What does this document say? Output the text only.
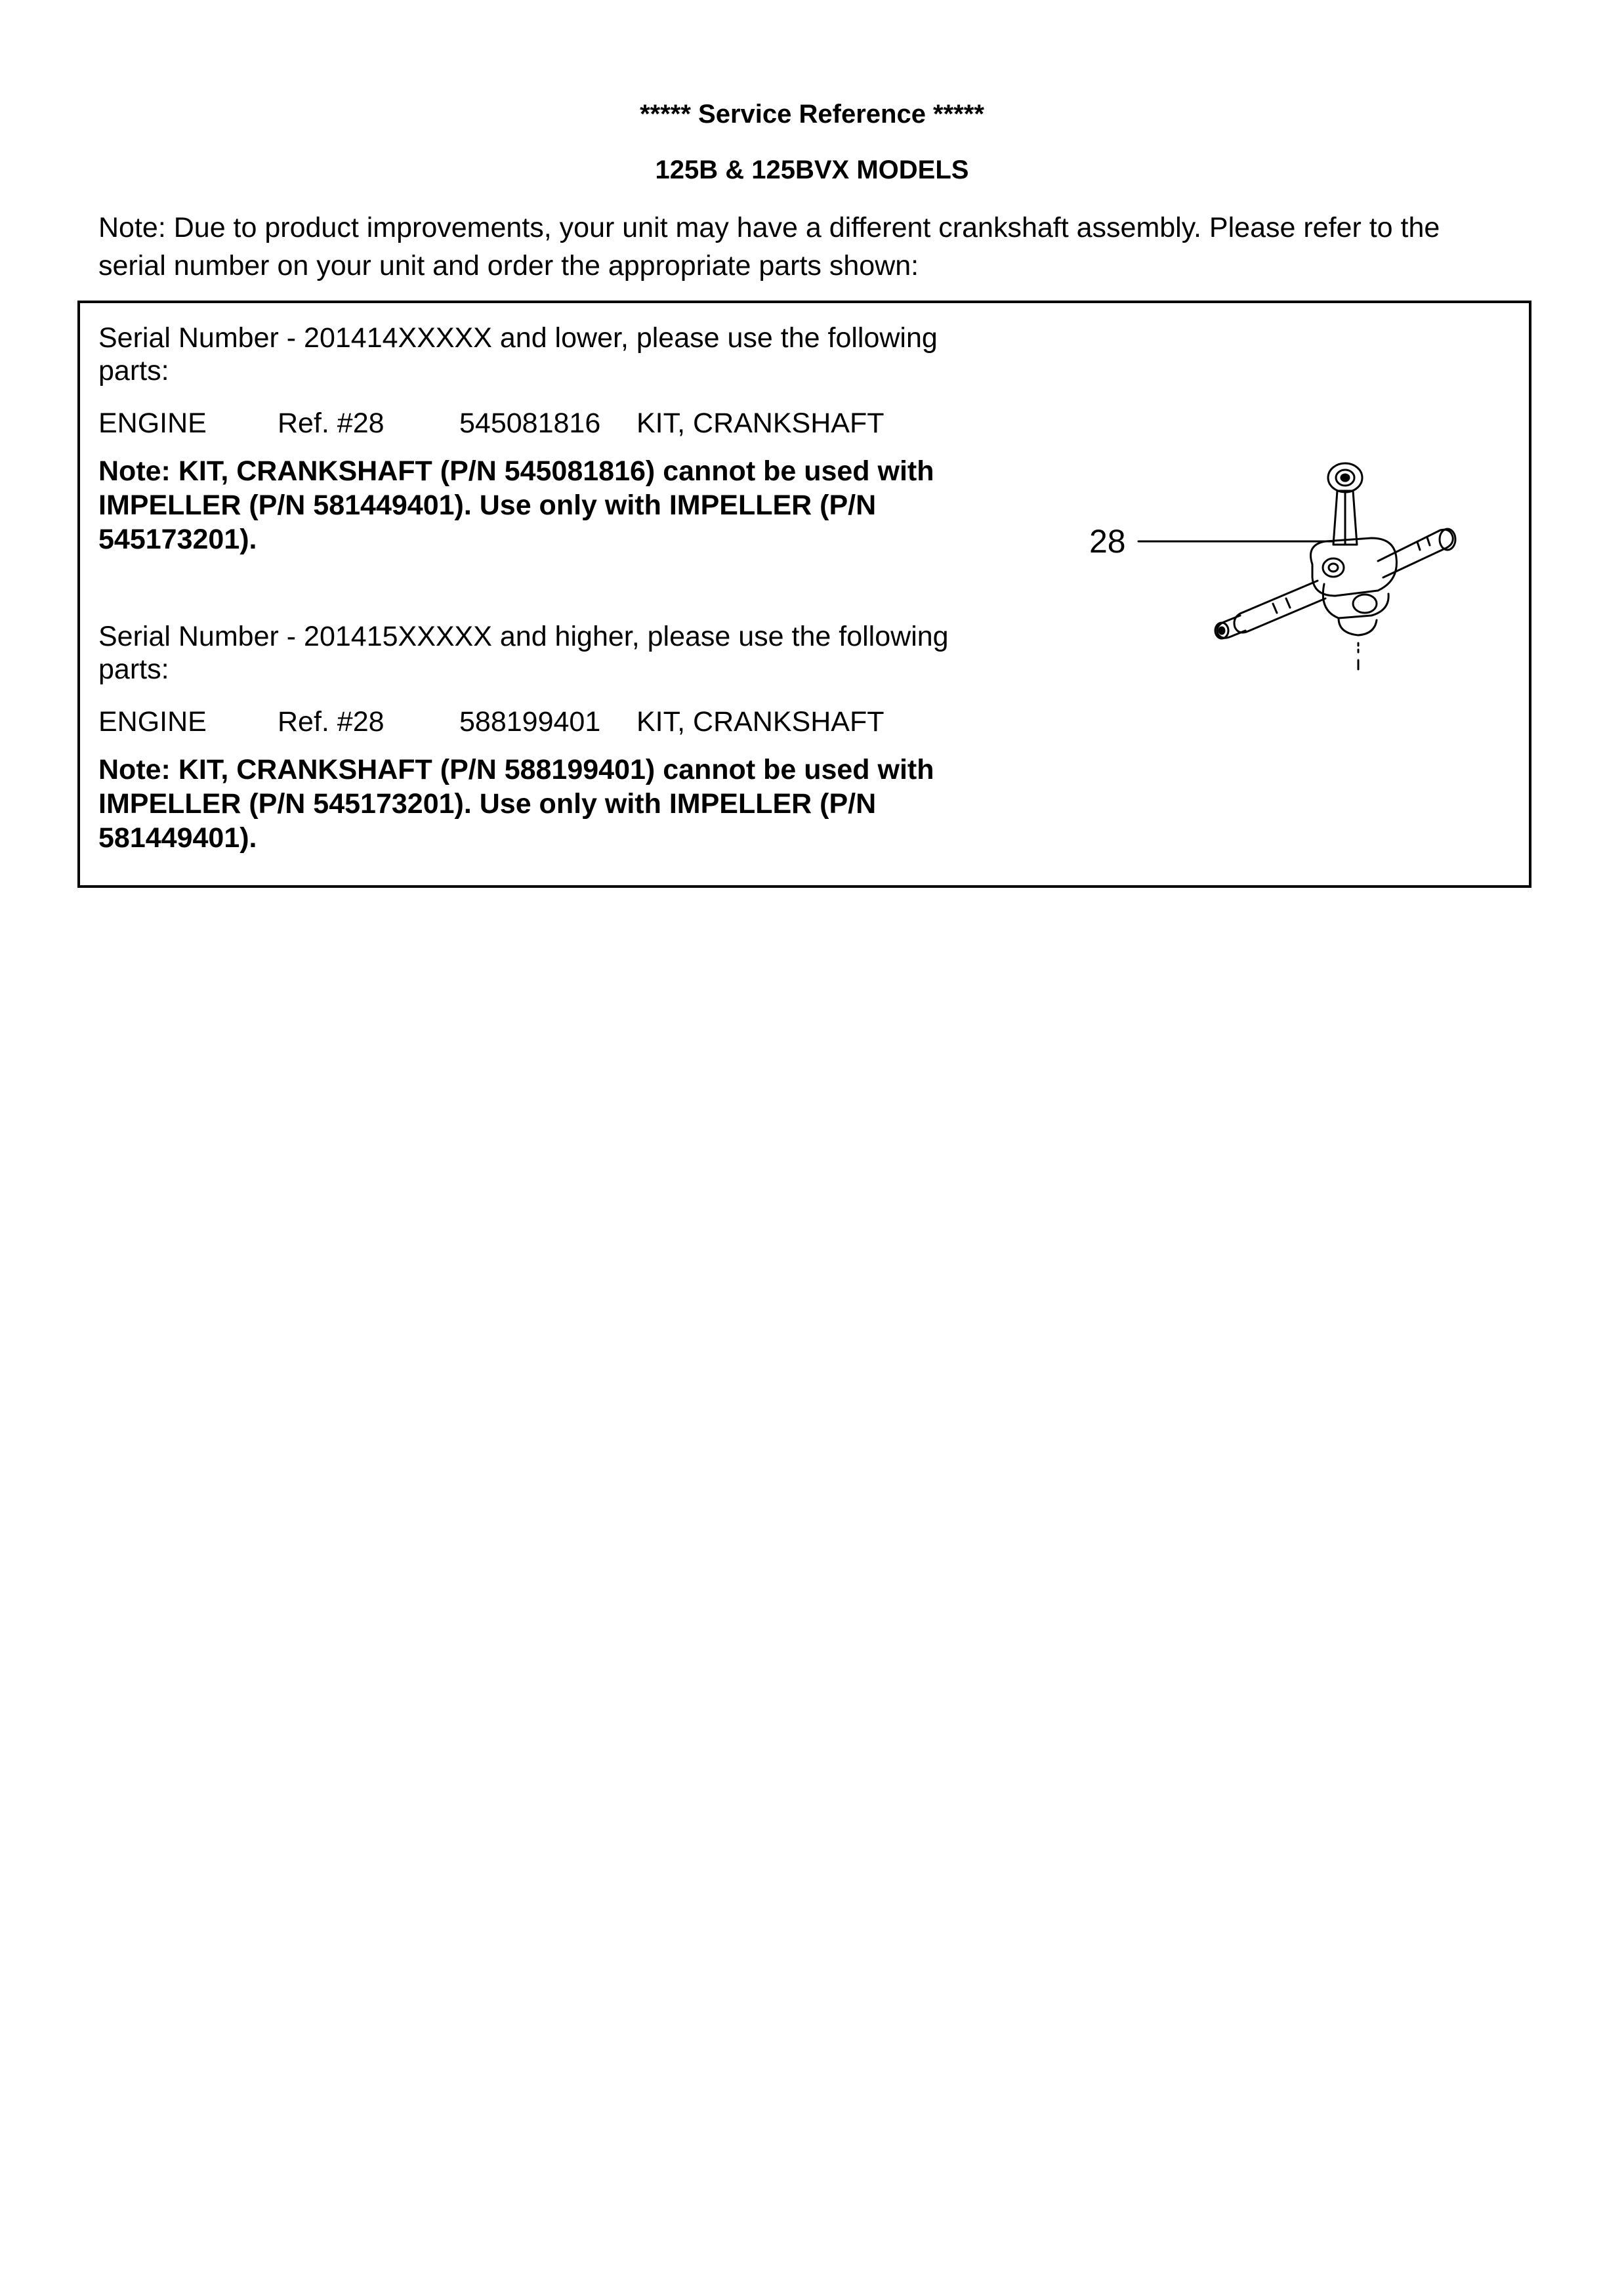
***** Service Reference *****
125B & 125BVX MODELS
Note: Due to product improvements, your unit may have a different crankshaft assembly. Please refer to the serial number on your unit and order the appropriate parts shown:
Serial Number - 201414XXXXX and lower, please use the following parts:
ENGINE	Ref. #28	545081816 KIT, CRANKSHAFT
Note: KIT, CRANKSHAFT (P/N 545081816) cannot be used with IMPELLER (P/N 581449401). Use only with IMPELLER (P/N 545173201).
Serial Number - 201415XXXXX and higher, please use the following parts:
ENGINE	Ref. #28	588199401 KIT, CRANKSHAFT
Note: KIT, CRANKSHAFT (P/N 588199401) cannot be used with IMPELLER (P/N 545173201). Use only with IMPELLER (P/N 581449401).
28
